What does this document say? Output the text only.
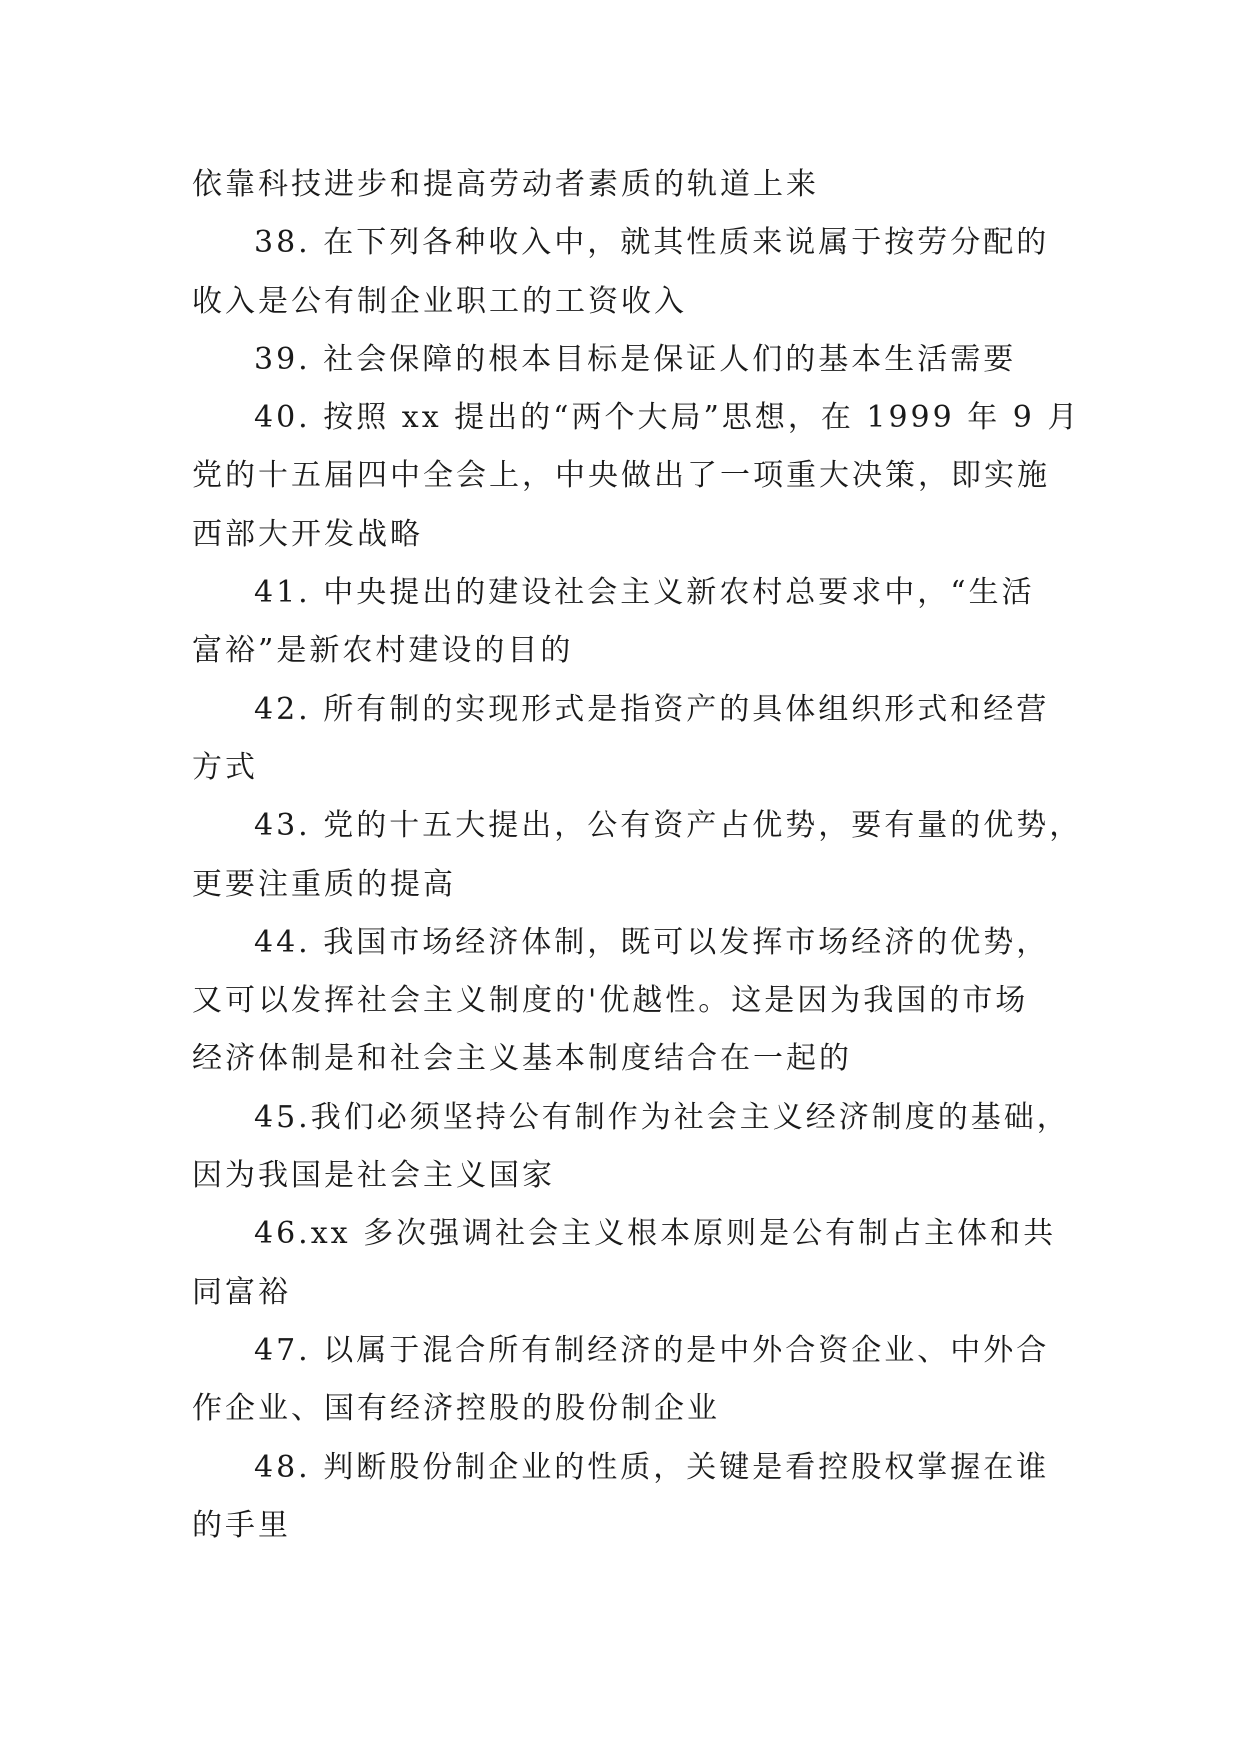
依靠科技进步和提高劳动者素质的轨道上来
38. 在下列各种收入中，就其性质来说属于按劳分配的
收入是公有制企业职工的工资收入
39. 社会保障的根本目标是保证人们的基本生活需要
40. 按照 xx 提出的“两个大局”思想，在 1999 年 9 月
党的十五届四中全会上，中央做出了一项重大决策，即实施
西部大开发战略
41. 中央提出的建设社会主义新农村总要求中，“生活
富裕”是新农村建设的目的
42. 所有制的实现形式是指资产的具体组织形式和经营
方式
43. 党的十五大提出，公有资产占优势，要有量的优势，
更要注重质的提高
44. 我国市场经济体制，既可以发挥市场经济的优势，
又可以发挥社会主义制度的'优越性。这是因为我国的市场
经济体制是和社会主义基本制度结合在一起的
45.我们必须坚持公有制作为社会主义经济制度的基础，
因为我国是社会主义国家
46.xx 多次强调社会主义根本原则是公有制占主体和共
同富裕
47. 以属于混合所有制经济的是中外合资企业、中外合
作企业、国有经济控股的股份制企业
48. 判断股份制企业的性质，关键是看控股权掌握在谁
的手里
